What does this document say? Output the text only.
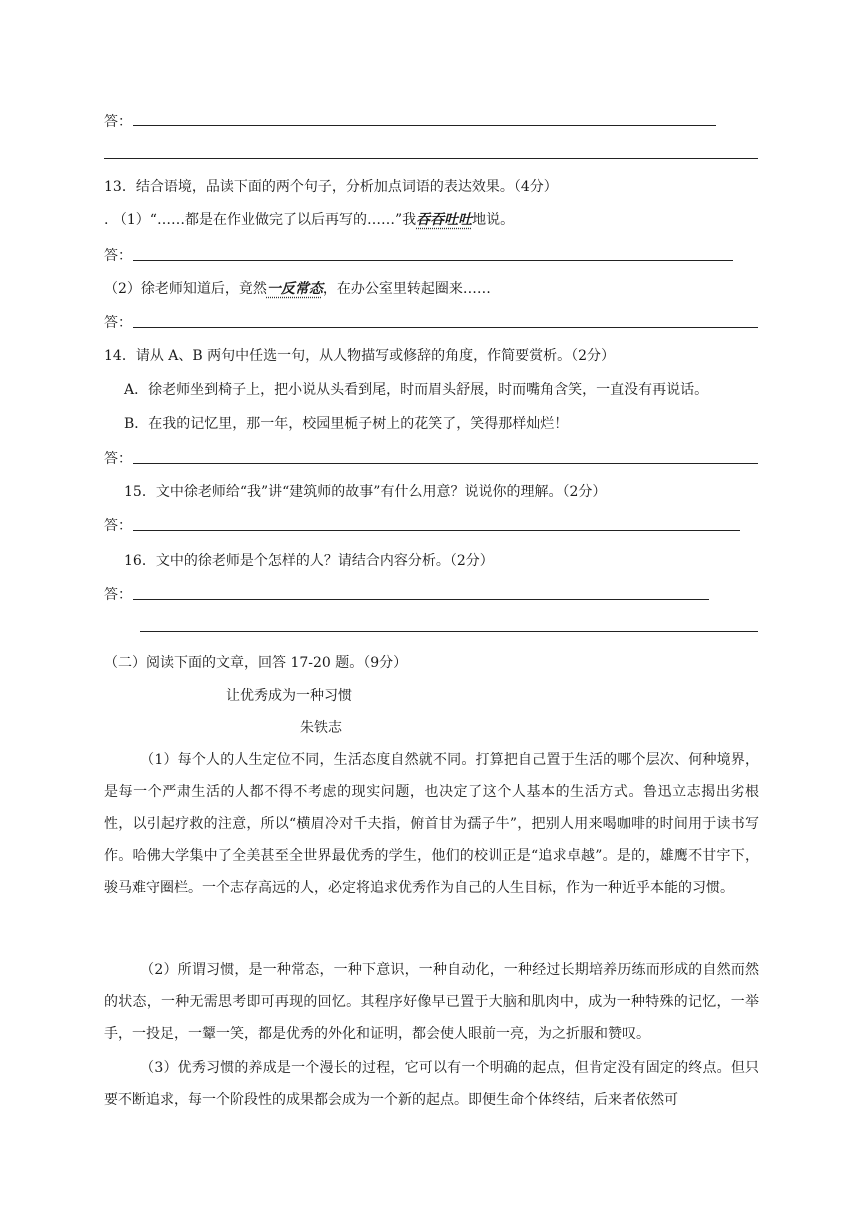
答：
13．结合语境，品读下面的两个句子，分析加点词语的表达效果。（4分）
. （1）“……都是在作业做完了以后再写的……”我吞吞吐吐地说。
答：
（2）徐老师知道后，竟然一反常态，在办公室里转起圈来……
答：
14．请从 A、B 两句中任选一句，从人物描写或修辞的角度，作简要赏析。（2分）
A．徐老师坐到椅子上，把小说从头看到尾，时而眉头舒展，时而嘴角含笑，一直没有再说话。
B．在我的记忆里，那一年，校园里栀子树上的花笑了，笑得那样灿烂！
答：
15．文中徐老师给“我”讲“建筑师的故事”有什么用意？说说你的理解。（2分）
答：
16．文中的徐老师是个怎样的人？请结合内容分析。（2分）
答：
（二）阅读下面的文章，回答 17-20 题。（9分）
让优秀成为一种习惯
朱铁志
（1）每个人的人生定位不同，生活态度自然就不同。打算把自己置于生活的哪个层次、何种境界，是每一个严肃生活的人都不得不考虑的现实问题，也决定了这个人基本的生活方式。鲁迅立志揭出劣根性，以引起疗救的注意，所以“横眉冷对千夫指，俯首甘为孺子牛”，把别人用来喝咖啡的时间用于读书写作。哈佛大学集中了全美甚至全世界最优秀的学生，他们的校训正是“追求卓越”。是的，雄鹰不甘宇下，骏马难守圈栏。一个志存高远的人，必定将追求优秀作为自己的人生目标，作为一种近乎本能的习惯。
（2）所谓习惯，是一种常态，一种下意识，一种自动化，一种经过长期培养历练而形成的自然而然的状态，一种无需思考即可再现的回忆。其程序好像早已置于大脑和肌肉中，成为一种特殊的记忆，一举手，一投足，一颦一笑，都是优秀的外化和证明，都会使人眼前一亮，为之折服和赞叹。
（3）优秀习惯的养成是一个漫长的过程，它可以有一个明确的起点，但肯定没有固定的终点。但只要不断追求，每一个阶段性的成果都会成为一个新的起点。即便生命个体终结，后来者依然可
